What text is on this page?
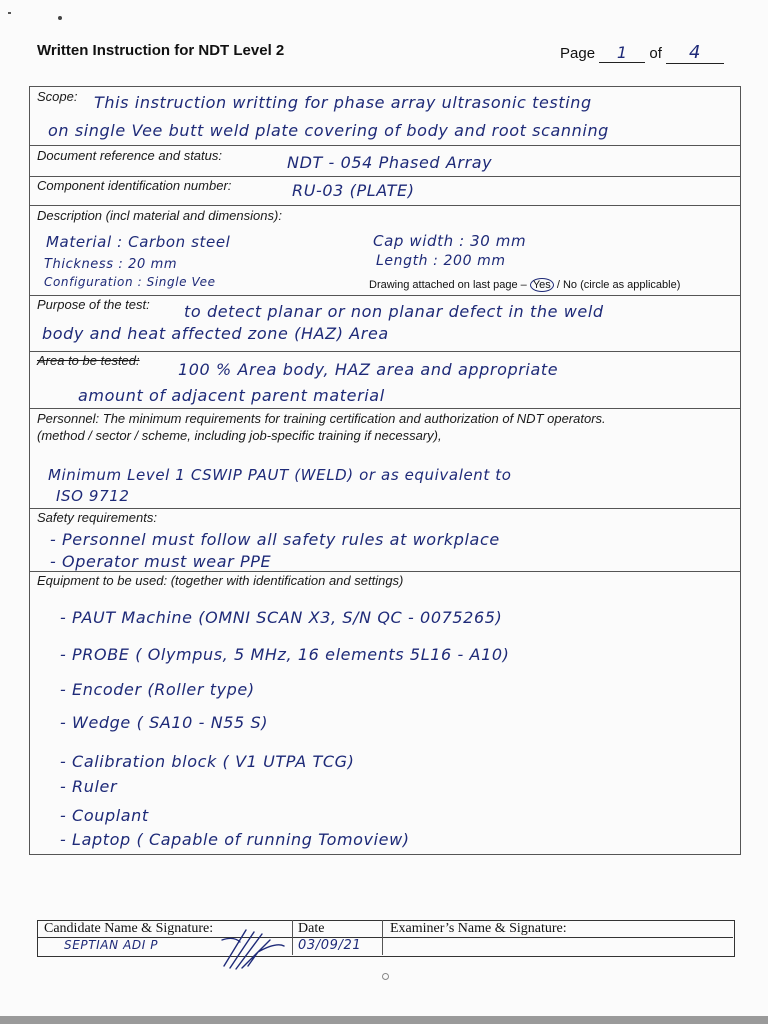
Written Instruction for NDT Level 2	Page 1 of 4
Scope: This instruction writting for phase array ultrasonic testing
on single Vee butt weld plate covering of body and root scanning
Document reference and status:	NDT - 054 Phased Array
Component identification number:	RU-03 (PLATE)
Description (incl material and dimensions):
Material : Carbon steel
Thickness : 20 mm
Configuration : Single Vee
Cap width : 30 mm
Length : 200 mm
Drawing attached on last page – Yes / No (circle as applicable)
Purpose of the test: to detect planar or non planar defect in the weld
body and heat affected zone (HAZ) Area
Area to be tested: 100 % Area body, HAZ area and appropriate
amount of adjacent parent material
Personnel: The minimum requirements for training certification and authorization of NDT operators.
(method / sector / scheme, including job-specific training if necessary),
Minimum Level 1 CSWIP PAUT (WELD) or as equivalent to
ISO 9712
Safety requirements:
- Personnel must follow all safety rules at workplace
- Operator must wear PPE
Equipment to be used: (together with identification and settings)
- PAUT Machine (OMNI SCAN X3, S/N QC - 0075265)
- PROBE ( Olympus, 5 MHz, 16 elements 5L16 - A10)
- Encoder (Roller type)
- Wedge ( SA10 - N55 S)
- Calibration block ( V1 UTPA TCG)
- Ruler
- Couplant
- Laptop ( Capable of running Tomoview)
Candidate Name & Signature:	Date	Examiner’s Name & Signature:
SEPTIAN ADI P	03/09/21
